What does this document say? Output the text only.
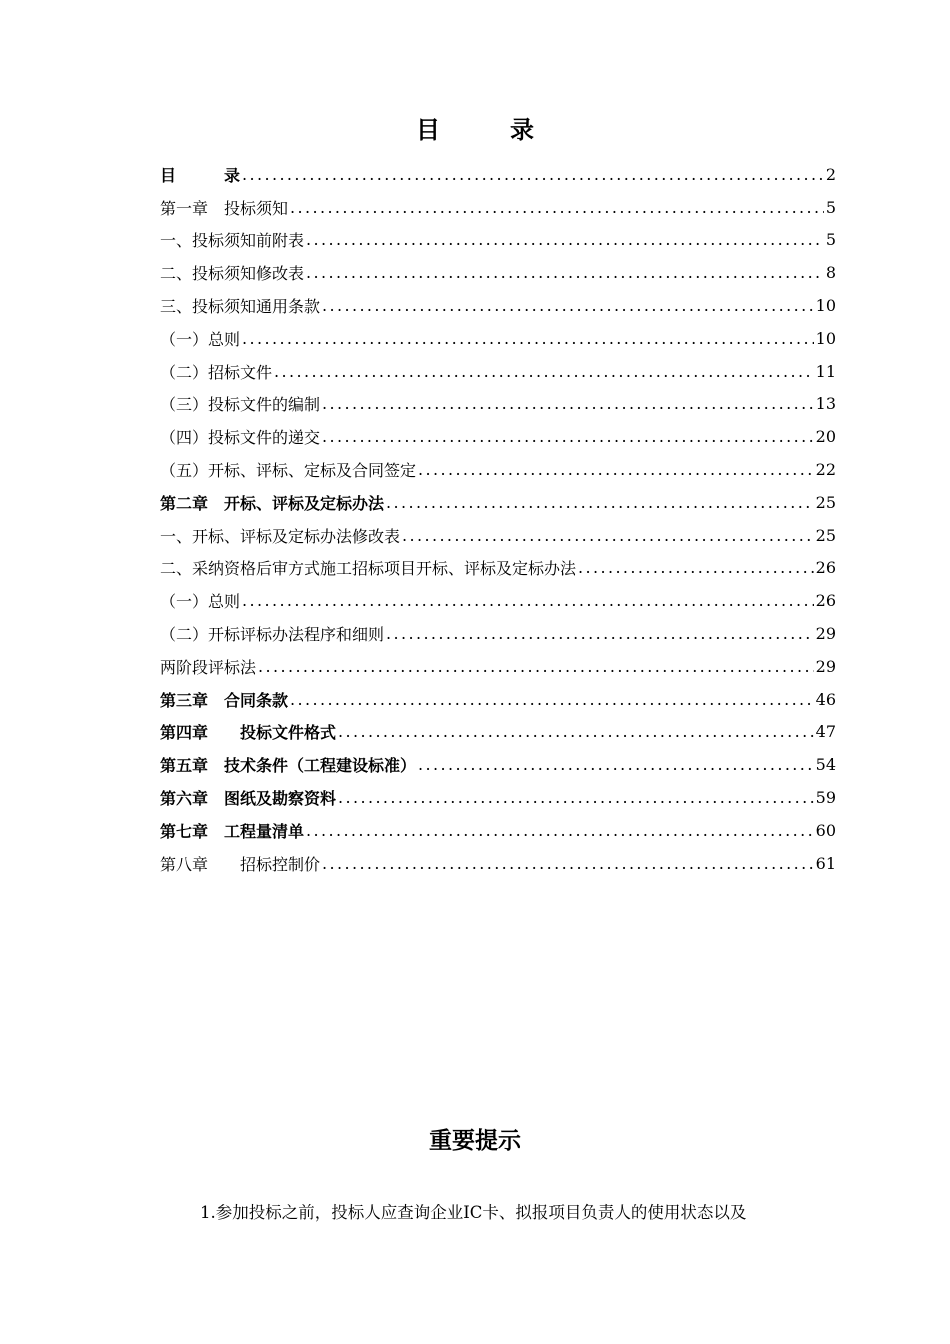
目	录
目　　　录 .....	2
第一章　投标须知 .....	5
一、投标须知前附表 .....	5
二、投标须知修改表 .....	8
三、投标须知通用条款 .....	10
（一）总则 .....	10
（二）招标文件 .....	11
（三）投标文件的编制 .....	13
（四）投标文件的递交 .....	20
（五）开标、评标、定标及合同签定 .....	22
第二章　开标、评标及定标办法 .....	25
一、开标、评标及定标办法修改表 .....	25
二、采纳资格后审方式施工招标项目开标、评标及定标办法 .....	26
（一）总则 .....	26
（二）开标评标办法程序和细则 .....	29
两阶段评标法 .....	29
第三章　合同条款 .....	46
第四章　　投标文件格式 .....	47
第五章　技术条件（工程建设标准） .....	54
第六章　图纸及勘察资料 .....	59
第七章　工程量清单 .....	60
第八章　　招标控制价 .....	61
重要提示
1.参加投标之前，投标人应查询企业IC卡、拟报项目负责人的使用状态以及
